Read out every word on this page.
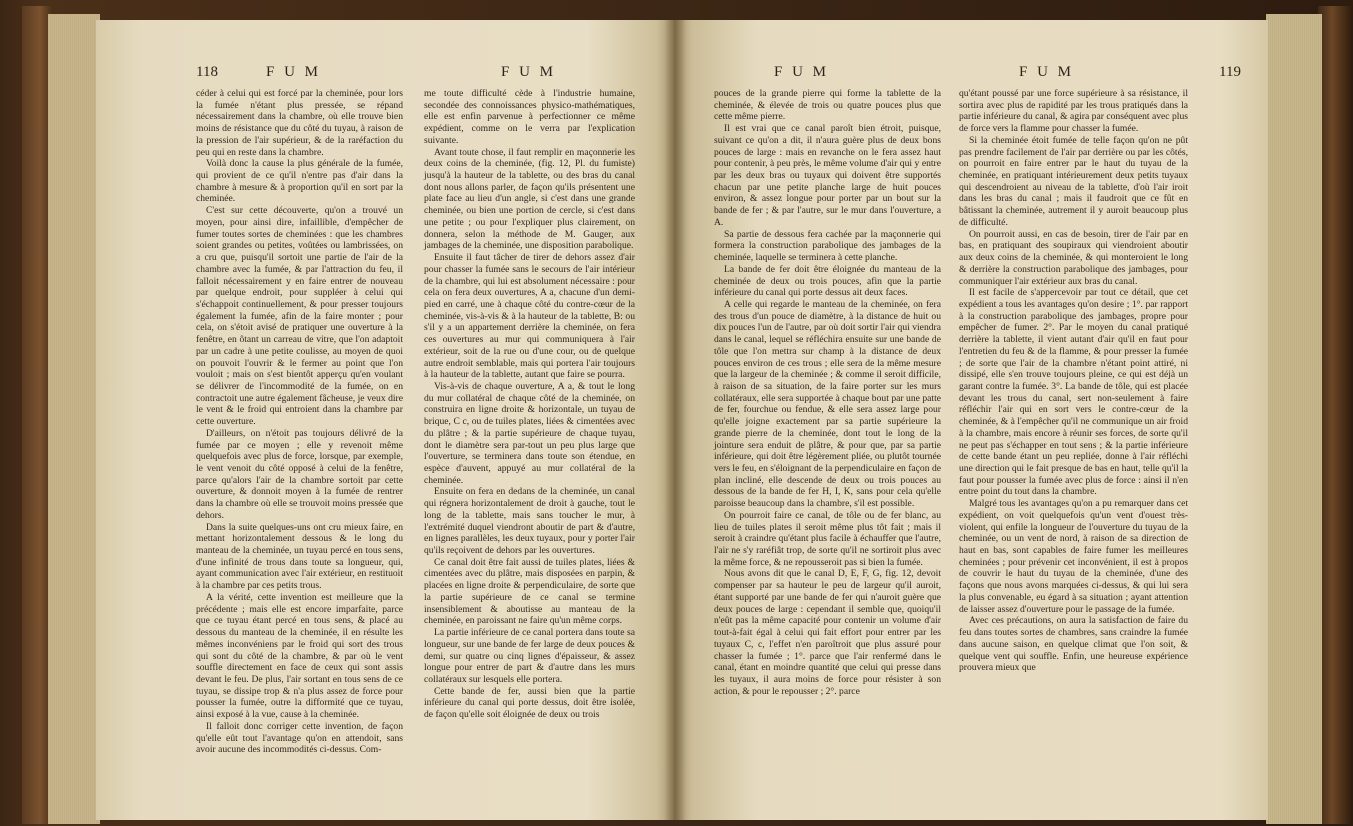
118	F U M	F U M

céder à celui qui est forcé par la cheminée, pour lors la fumée n'étant plus pressée, se répand nécessairement dans la chambre, où elle trouve bien moins de résistance que du côté du tuyau, à raison de la pression de l'air supérieur, & de la raréfaction du peu qui en reste dans la chambre.

Voilà donc la cause la plus générale de la fumée, qui provient de ce qu'il n'entre pas d'air dans la chambre à mesure & à proportion qu'il en sort par la cheminée.

C'est sur cette découverte, qu'on a trouvé un moyen, pour ainsi dire, infaillible, d'empêcher de fumer toutes sortes de cheminées : que les chambres soient grandes ou petites, voûtées ou lambrissées, on a cru que, puisqu'il sortoit une partie de l'air de la chambre avec la fumée, & par l'attraction du feu, il falloit nécessairement y en faire entrer de nouveau par quelque endroit, pour suppléer à celui qui s'échappoit continuellement, & pour presser toujours également la fumée, afin de la faire monter ; pour cela, on s'étoit avisé de pratiquer une ouverture à la fenêtre, en ôtant un carreau de vitre, que l'on adaptoit par un cadre à une petite coulisse, au moyen de quoi on pouvoit l'ouvrir & le fermer au point que l'on vouloit ; mais on s'est bientôt apperçu qu'en voulant se délivrer de l'incommodité de la fumée, on en contractoit une autre également fâcheuse, je veux dire le vent & le froid qui entroient dans la chambre par cette ouverture.

D'ailleurs, on n'étoit pas toujours délivré de la fumée par ce moyen ; elle y revenoit même quelquefois avec plus de force, lorsque, par exemple, le vent venoit du côté opposé à celui de la fenêtre, parce qu'alors l'air de la chambre sortoit par cette ouverture, & donnoit moyen à la fumée de rentrer dans la chambre où elle se trouvoit moins pressée que dehors.

Dans la suite quelques-uns ont cru mieux faire, en mettant horizontalement dessous & le long du manteau de la cheminée, un tuyau percé en tous sens, d'une infinité de trous dans toute sa longueur, qui, ayant communication avec l'air extérieur, en restituoit à la chambre par ces petits trous.

A la vérité, cette invention est meilleure que la précédente ; mais elle est encore imparfaite, parce que ce tuyau étant percé en tous sens, & placé au dessous du manteau de la cheminée, il en résulte les mêmes inconvéniens par le froid qui sort des trous qui sont du côté de la chambre, & par où le vent souffle directement en face de ceux qui sont assis devant le feu. De plus, l'air sortant en tous sens de ce tuyau, se dissipe trop & n'a plus assez de force pour pousser la fumée, outre la difformité que ce tuyau, ainsi exposé à la vue, cause à la cheminée.

Il falloit donc corriger cette invention, de façon qu'elle eût tout l'avantage qu'on en attendoit, sans avoir aucune des incommodités ci-dessus. Com-

me toute difficulté cède à l'industrie humaine, secondée des connoissances physico-mathématiques, elle est enfin parvenue à perfectionner ce même expédient, comme on le verra par l'explication suivante.

Avant toute chose, il faut remplir en maçonnerie les deux coins de la cheminée, (fig. 12, Pl. du fumiste) jusqu'à la hauteur de la tablette, ou des bras du canal dont nous allons parler, de façon qu'ils présentent une plate face au lieu d'un angle, si c'est dans une grande cheminée, ou bien une portion de cercle, si c'est dans une petite ; ou pour l'expliquer plus clairement, on donnera, selon la méthode de M. Gauger, aux jambages de la cheminée, une disposition parabolique.

Ensuite il faut tâcher de tirer de dehors assez d'air pour chasser la fumée sans le secours de l'air intérieur de la chambre, qui lui est absolument nécessaire : pour cela on fera deux ouvertures, A a, chacune d'un demi-pied en carré, une à chaque côté du contre-cœur de la cheminée, vis-à-vis & à la hauteur de la tablette, B: ou s'il y a un appartement derrière la cheminée, on fera ces ouvertures au mur qui communiquera à l'air extérieur, soit de la rue ou d'une cour, ou de quelque autre endroit semblable, mais qui portera l'air toujours à la hauteur de la tablette, autant que faire se pourra.

Vis-à-vis de chaque ouverture, A a, & tout le long du mur collatéral de chaque côté de la cheminée, on construira en ligne droite & horizontale, un tuyau de brique, C c, ou de tuiles plates, liées & cimentées avec du plâtre ; & la partie supérieure de chaque tuyau, dont le diamètre sera par-tout un peu plus large que l'ouverture, se terminera dans toute son étendue, en espèce d'auvent, appuyé au mur collatéral de la cheminée.

Ensuite on fera en dedans de la cheminée, un canal qui régnera horizontalement de droit à gauche, tout le long de la tablette, mais sans toucher le mur, à l'extrémité duquel viendront aboutir de part & d'autre, en lignes parallèles, les deux tuyaux, pour y porter l'air qu'ils reçoivent de dehors par les ouvertures.

Ce canal doit être fait aussi de tuiles plates, liées & cimentées avec du plâtre, mais disposées en parpin, & placées en ligne droite & perpendiculaire, de sorte que la partie supérieure de ce canal se termine insensiblement & aboutisse au manteau de la cheminée, en paroissant ne faire qu'un même corps.

La partie inférieure de ce canal portera dans toute sa longueur, sur une bande de fer large de deux pouces & demi, sur quatre ou cinq lignes d'épaisseur, & assez longue pour entrer de part & d'autre dans les murs collatéraux sur lesquels elle portera.

Cette bande de fer, aussi bien que la partie inférieure du canal qui porte dessus, doit être isolée, de façon qu'elle soit éloignée de deux ou trois

F U M	F U M	119

pouces de la grande pierre qui forme la tablette de la cheminée, & élevée de trois ou quatre pouces plus que cette même pierre.

Il est vrai que ce canal paroît bien étroit, puisque, suivant ce qu'on a dit, il n'aura guère plus de deux bons pouces de large : mais en revanche on le fera assez haut pour contenir, à peu près, le même volume d'air qui y entre par les deux bras ou tuyaux qui doivent être supportés chacun par une petite planche large de huit pouces environ, & assez longue pour porter par un bout sur la bande de fer ; & par l'autre, sur le mur dans l'ouverture, a A.

Sa partie de dessous fera cachée par la maçonnerie qui formera la construction parabolique des jambages de la cheminée, laquelle se terminera à cette planche.

La bande de fer doit être éloignée du manteau de la cheminée de deux ou trois pouces, afin que la partie inférieure du canal qui porte dessus ait deux faces.

A celle qui regarde le manteau de la cheminée, on fera des trous d'un pouce de diamètre, à la distance de huit ou dix pouces l'un de l'autre, par où doit sortir l'air qui viendra dans le canal, lequel se réfléchira ensuite sur une bande de tôle que l'on mettra sur champ à la distance de deux pouces environ de ces trous ; elle sera de la même mesure que la largeur de la cheminée ; & comme il seroit difficile, à raison de sa situation, de la faire porter sur les murs collatéraux, elle sera supportée à chaque bout par une patte de fer, fourchue ou fendue, & elle sera assez large pour qu'elle joigne exactement par sa partie supérieure la grande pierre de la cheminée, dont tout le long de la jointure sera enduit de plâtre, & pour que, par sa partie inférieure, qui doit être légèrement pliée, ou plutôt tournée vers le feu, en s'éloignant de la perpendiculaire en façon de plan incliné, elle descende de deux ou trois pouces au dessous de la bande de fer H, I, K, sans pour cela qu'elle paroisse beaucoup dans la chambre, s'il est possible.

On pourroit faire ce canal, de tôle ou de fer blanc, au lieu de tuiles plates il seroit même plus tôt fait ; mais il seroit à craindre qu'étant plus facile à échauffer que l'autre, l'air ne s'y raréfiât trop, de sorte qu'il ne sortiroit plus avec la même force, & ne repousseroit pas si bien la fumée.

Nous avons dit que le canal D, E, F, G, fig. 12, devoit compenser par sa hauteur le peu de largeur qu'il auroit, étant supporté par une bande de fer qui n'auroit guère que deux pouces de large : cependant il semble que, quoiqu'il n'eût pas la même capacité pour contenir un volume d'air tout-à-fait égal à celui qui fait effort pour entrer par les tuyaux C, c, l'effet n'en paroîtroit que plus assuré pour chasser la fumée ; 1°. parce que l'air renfermé dans le canal, étant en moindre quantité que celui qui presse dans les tuyaux, il aura moins de force pour résister à son action, & pour le repousser ; 2°. parce

qu'étant poussé par une force supérieure à sa résistance, il sortira avec plus de rapidité par les trous pratiqués dans la partie inférieure du canal, & agira par conséquent avec plus de force vers la flamme pour chasser la fumée.

Si la cheminée étoit fumée de telle façon qu'on ne pût pas prendre facilement de l'air par derrière ou par les côtés, on pourroit en faire entrer par le haut du tuyau de la cheminée, en pratiquant intérieurement deux petits tuyaux qui descendroient au niveau de la tablette, d'où l'air iroit dans les bras du canal ; mais il faudroit que ce fût en bâtissant la cheminée, autrement il y auroit beaucoup plus de difficulté.

On pourroit aussi, en cas de besoin, tirer de l'air par en bas, en pratiquant des soupiraux qui viendroient aboutir aux deux coins de la cheminée, & qui monteroient le long & derrière la construction parabolique des jambages, pour communiquer l'air extérieur aux bras du canal.

Il est facile de s'appercevoir par tout ce détail, que cet expédient a tous les avantages qu'on desire ; 1°. par rapport à la construction parabolique des jambages, propre pour empêcher de fumer. 2°. Par le moyen du canal pratiqué derrière la tablette, il vient autant d'air qu'il en faut pour l'entretien du feu & de la flamme, & pour presser la fumée ; de sorte que l'air de la chambre n'étant point attiré, ni dissipé, elle s'en trouve toujours pleine, ce qui est déjà un garant contre la fumée. 3°. La bande de tôle, qui est placée devant les trous du canal, sert non-seulement à faire réfléchir l'air qui en sort vers le contre-cœur de la cheminée, & à l'empêcher qu'il ne communique un air froid à la chambre, mais encore à réunir ses forces, de sorte qu'il ne peut pas s'échapper en tout sens ; & la partie inférieure de cette bande étant un peu repliée, donne à l'air réfléchi une direction qui le fait presque de bas en haut, telle qu'il la faut pour pousser la fumée avec plus de force : ainsi il n'en entre point du tout dans la chambre.

Malgré tous les avantages qu'on a pu remarquer dans cet expédient, on voit quelquefois qu'un vent d'ouest très-violent, qui enfile la longueur de l'ouverture du tuyau de la cheminée, ou un vent de nord, à raison de sa direction de haut en bas, sont capables de faire fumer les meilleures cheminées ; pour prévenir cet inconvénient, il est à propos de couvrir le haut du tuyau de la cheminée, d'une des façons que nous avons marquées ci-dessus, & qui lui sera la plus convenable, eu égard à sa situation ; ayant attention de laisser assez d'ouverture pour le passage de la fumée.

Avec ces précautions, on aura la satisfaction de faire du feu dans toutes sortes de chambres, sans craindre la fumée dans aucune saison, en quelque climat que l'on soit, & quelque vent qui souffle. Enfin, une heureuse expérience prouvera mieux que
